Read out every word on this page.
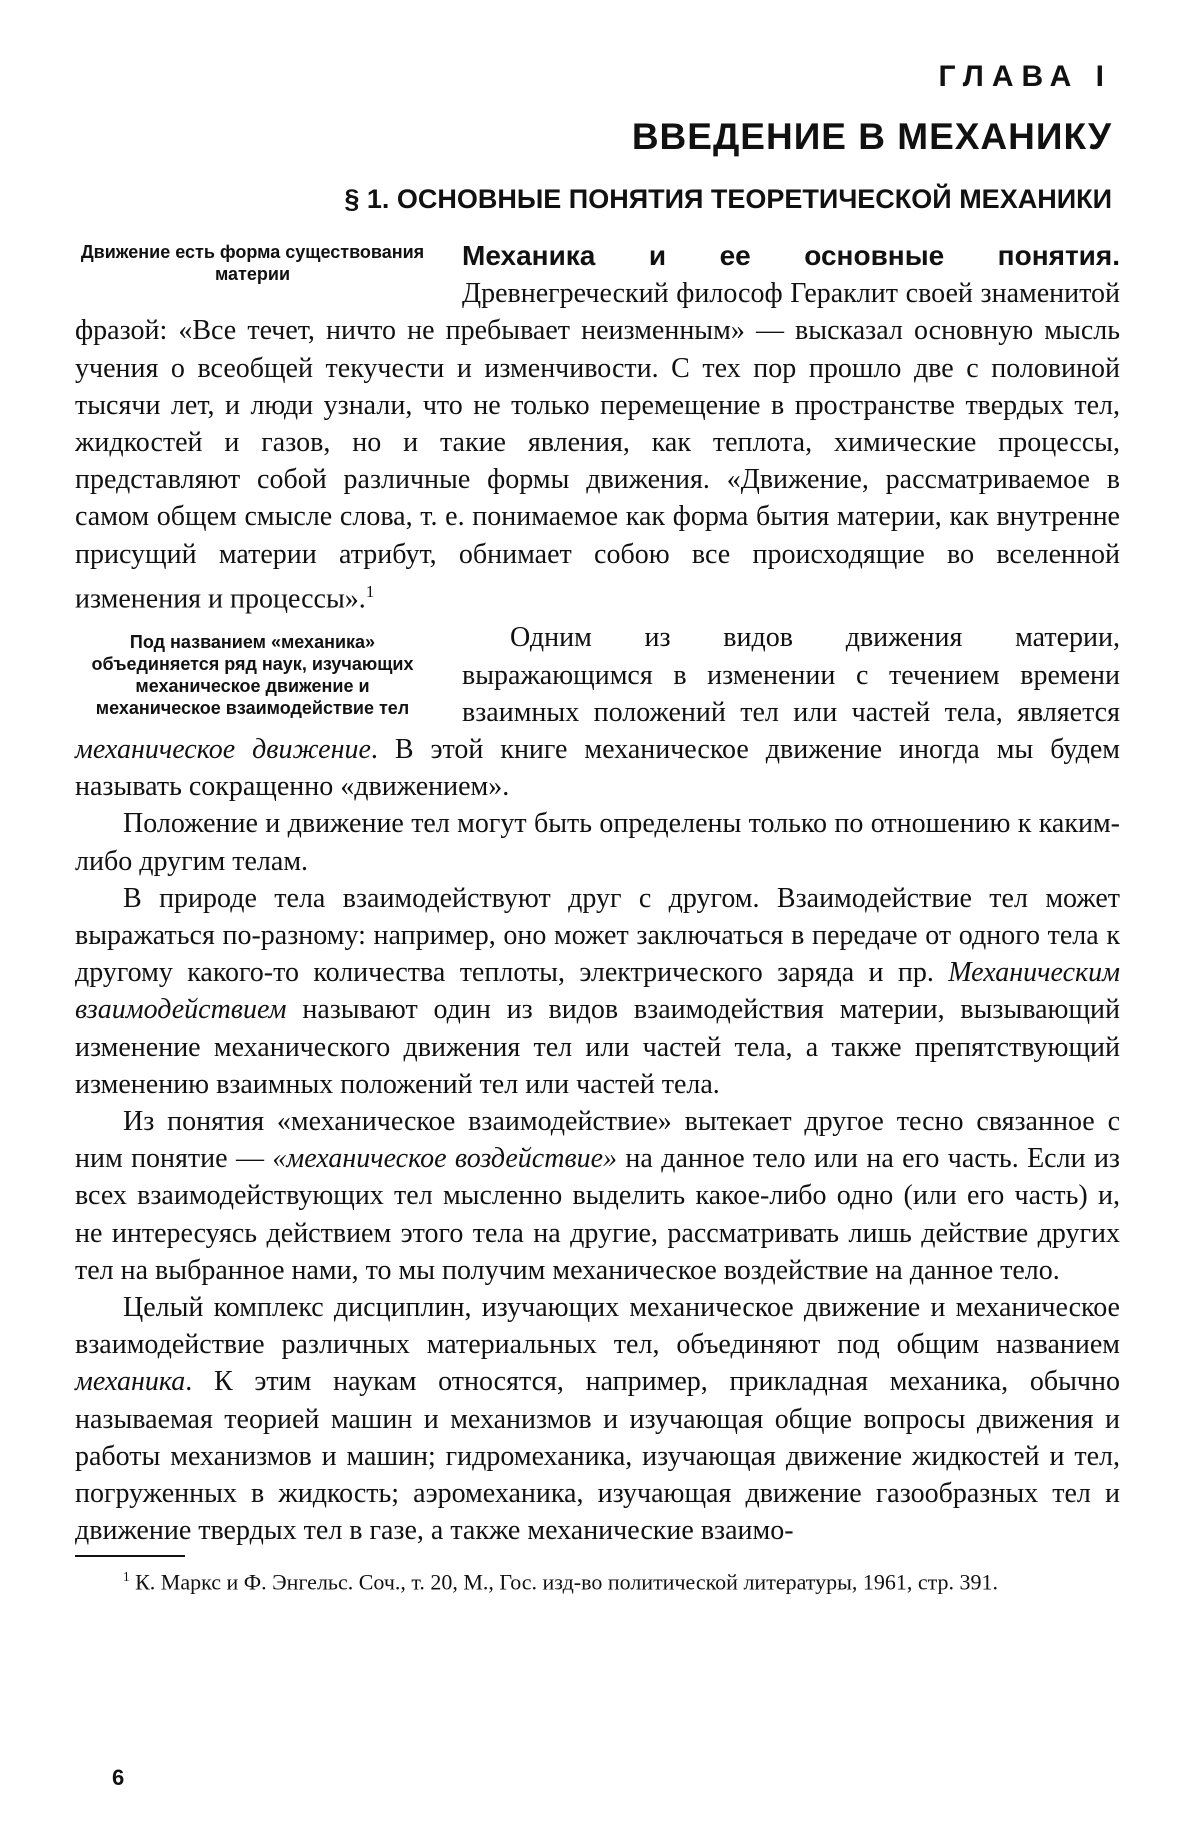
ГЛАВА I
ВВЕДЕНИЕ В МЕХАНИКУ
§ 1. ОСНОВНЫЕ ПОНЯТИЯ ТЕОРЕТИЧЕСКОЙ МЕХАНИКИ
Движение есть форма существования материи

Механика и ее основные понятия. Древнегреческий философ Гераклит своей знаменитой фразой: «Все течет, ничто не пребывает неизменным» — высказал основную мысль учения о всеобщей текучести и изменчивости. С тех пор прошло две с половиной тысячи лет, и люди узнали, что не только перемещение в пространстве твердых тел, жидкостей и газов, но и такие явления, как теплота, химические процессы, представляют собой различные формы движения. «Движение, рассматриваемое в самом общем смысле слова, т. е. понимаемое как форма бытия материи, как внутренне присущий материи атрибут, обнимает собою все происходящие во вселенной изменения и процессы».$^1$

Под названием «механика» объединяется ряд наук, изучающих механическое движение и механическое взаимодействие тел

Одним из видов движения материи, выражающимся в изменении с течением времени взаимных положений тел или частей тела, является механическое движение. В этой книге механическое движение иногда мы будем называть сокращенно «движением».

Положение и движение тел могут быть определены только по отношению к каким-либо другим телам.

В природе тела взаимодействуют друг с другом. Взаимодействие тел может выражаться по-разному: например, оно может заключаться в передаче от одного тела к другому какого-то количества теплоты, электрического заряда и пр. Механическим взаимодействием называют один из видов взаимодействия материи, вызывающий изменение механического движения тел или частей тела, а также препятствующий изменению взаимных положений тел или частей тела.

Из понятия «механическое взаимодействие» вытекает другое тесно связанное с ним понятие — «механическое воздействие» на данное тело или на его часть. Если из всех взаимодействующих тел мысленно выделить какое-либо одно (или его часть) и, не интересуясь действием этого тела на другие, рассматривать лишь действие других тел на выбранное нами, то мы получим механическое воздействие на данное тело.

Целый комплекс дисциплин, изучающих механическое движение и механическое взаимодействие различных материальных тел, объединяют под общим названием механика. К этим наукам относятся, например, прикладная механика, обычно называемая теорией машин и механизмов и изучающая общие вопросы движения и работы механизмов и машин; гидромеханика, изучающая движение жидкостей и тел, погруженных в жидкость; аэромеханика, изучающая движение газообразных тел и движение твердых тел в газе, а также механические взаимо-

$^1$ К. Маркс и Ф. Энгельс. Соч., т. 20, М., Гос. изд-во политической литературы, 1961, стр. 391.

6
